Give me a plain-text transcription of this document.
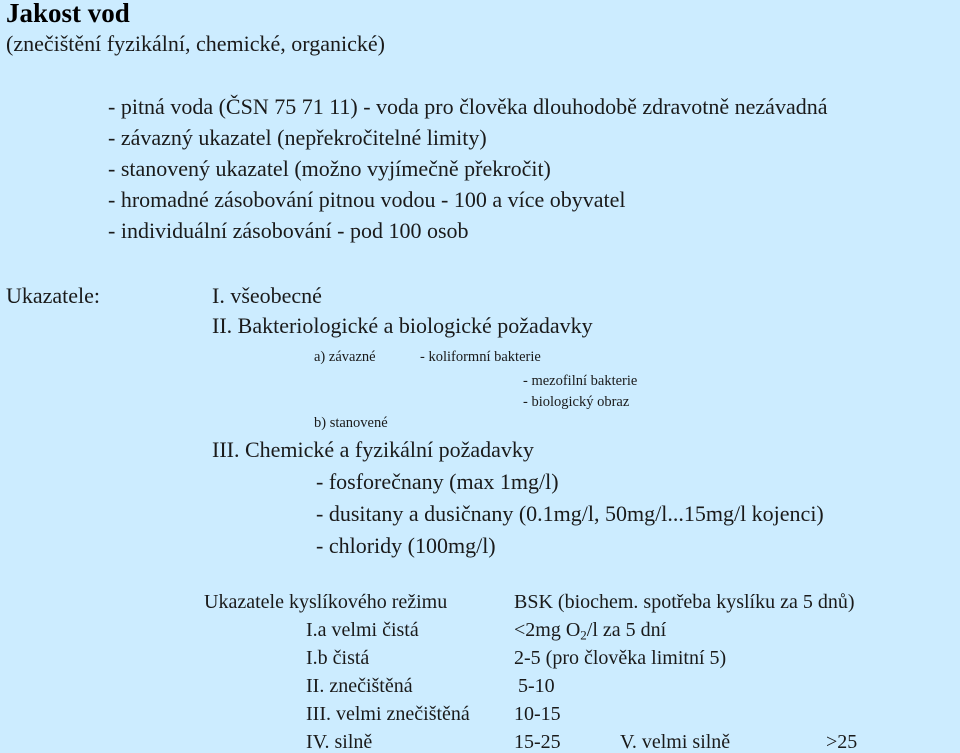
Jakost vod
(znečištění fyzikální, chemické, organické)
- pitná voda (ČSN 75 71 11) - voda pro člověka dlouhodobě zdravotně nezávadná
- závazný ukazatel (nepřekročitelné limity)
- stanovený ukazatel (možno vyjímečně překročit)
- hromadné zásobování pitnou vodou - 100 a více obyvatel
- individuální zásobování - pod 100 osob
Ukazatele:	I. všeobecné
II. Bakteriologické a biologické požadavky
a) závazné	- koliformní bakterie
- mezofilní bakterie
- biologický obraz
b) stanovené
III. Chemické a fyzikální požadavky
- fosforečnany (max 1mg/l)
- dusitany a dusičnany (0.1mg/l, 50mg/l...15mg/l kojenci)
- chloridy (100mg/l)
Ukazatele kyslíkového režimu	BSK (biochem. spotřeba kyslíku za 5 dnů)
I.a velmi čistá	<2mg $O_2/l$ za 5 dní
I.b čistá	2-5 (pro člověka limitní 5)
II. znečištěná	5-10
III. velmi znečištěná 10-15
IV. silně	15-25	V. velmi silně	>25
